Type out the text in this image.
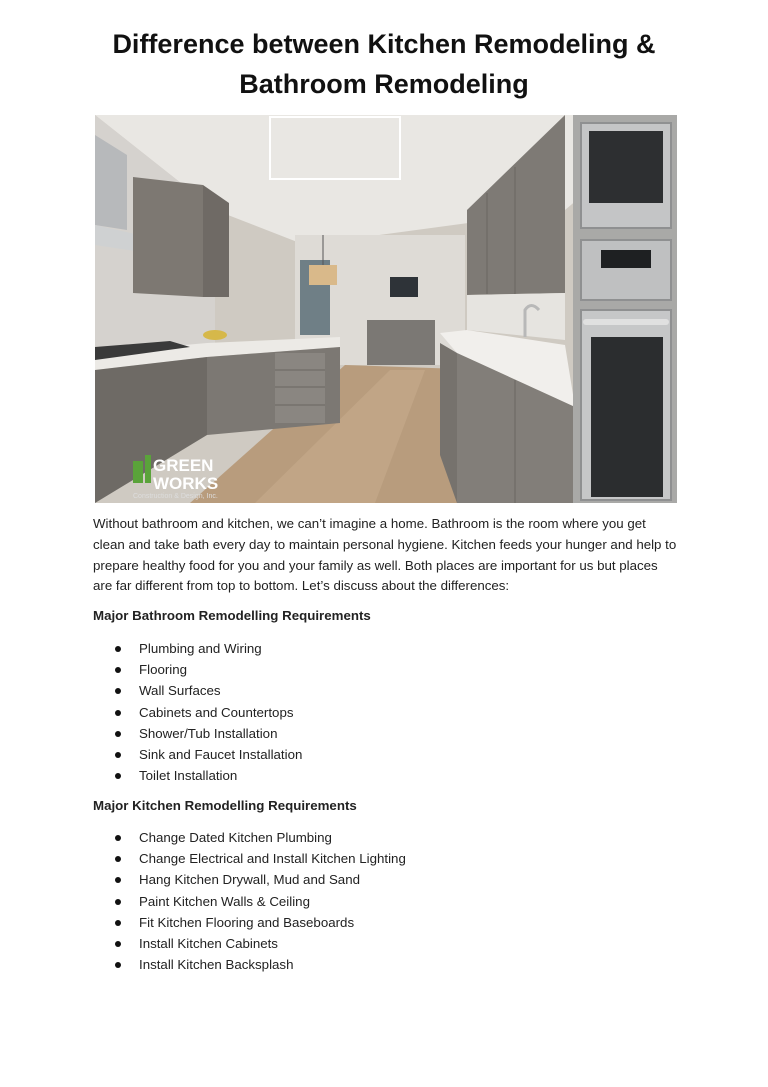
Difference between Kitchen Remodeling & Bathroom Remodeling
GREEN
WORKS
Construction & Design, Inc.

Without bathroom and kitchen, we can’t imagine a home. Bathroom is the room where you get clean and take bath every day to maintain personal hygiene. Kitchen feeds your hunger and help to prepare healthy food for you and your family as well. Both places are important for us but places are far different from top to bottom. Let’s discuss about the differences:

Major Bathroom Remodelling Requirements

Plumbing and Wiring
Flooring
Wall Surfaces
Cabinets and Countertops
Shower/Tub Installation
Sink and Faucet Installation
Toilet Installation

Major Kitchen Remodelling Requirements

Change Dated Kitchen Plumbing
Change Electrical and Install Kitchen Lighting
Hang Kitchen Drywall, Mud and Sand
Paint Kitchen Walls & Ceiling
Fit Kitchen Flooring and Baseboards
Install Kitchen Cabinets
Install Kitchen Backsplash
